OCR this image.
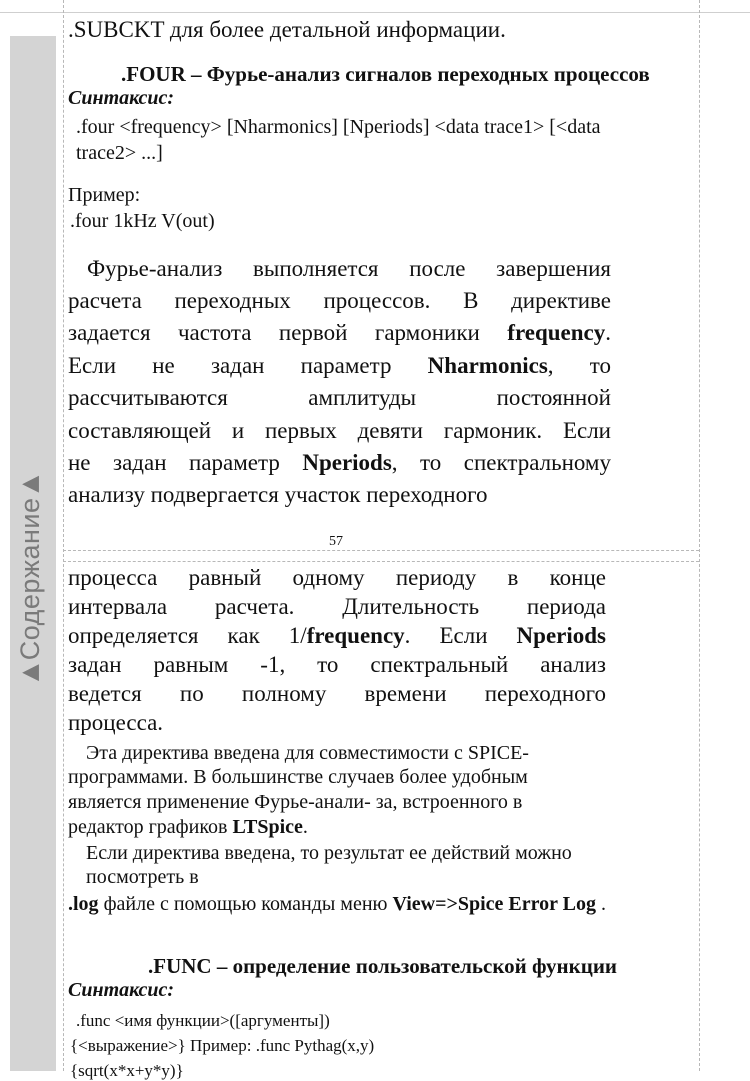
▶Содержание▶
.SUBCKT для более детальной информации.
.FOUR – Фурье-анализ сигналов переходных процессов
Синтаксис:
.four <frequency> [Nharmonics] [Nperiods] <data trace1> [<data
trace2> ...]
Пример:
.four 1kHz V(out)
Фурье-анализ выполняется после завершения
расчета переходных процессов. В директиве
задается частота первой гармоники frequency.
Если не задан параметр Nharmonics, то
рассчитываются амплитуды постоянной
составляющей и первых девяти гармоник. Если
не задан параметр Nperiods, то спектральному
анализу подвергается участок переходного
57
процесса равный одному периоду в конце
интервала расчета. Длительность периода
определяется как 1/frequency. Если Nperiods
задан равным -1, то спектральный анализ
ведется по полному времени переходного
процесса.
Эта директива введена для совместимости с SPICE-
программами. В большинстве случаев более удобным
является применение Фурье-анали- за, встроенного в
редактор графиков LTSpice.
Если директива введена, то результат ее действий можно
посмотреть в
.log файле с помощью команды меню View=>Spice Error Log .
.FUNC – определение пользовательской функции
Синтаксис:
.func <имя функции>([аргументы])
{<выражение>} Пример: .func Pythag(x,y)
{sqrt(x*x+y*y)}
